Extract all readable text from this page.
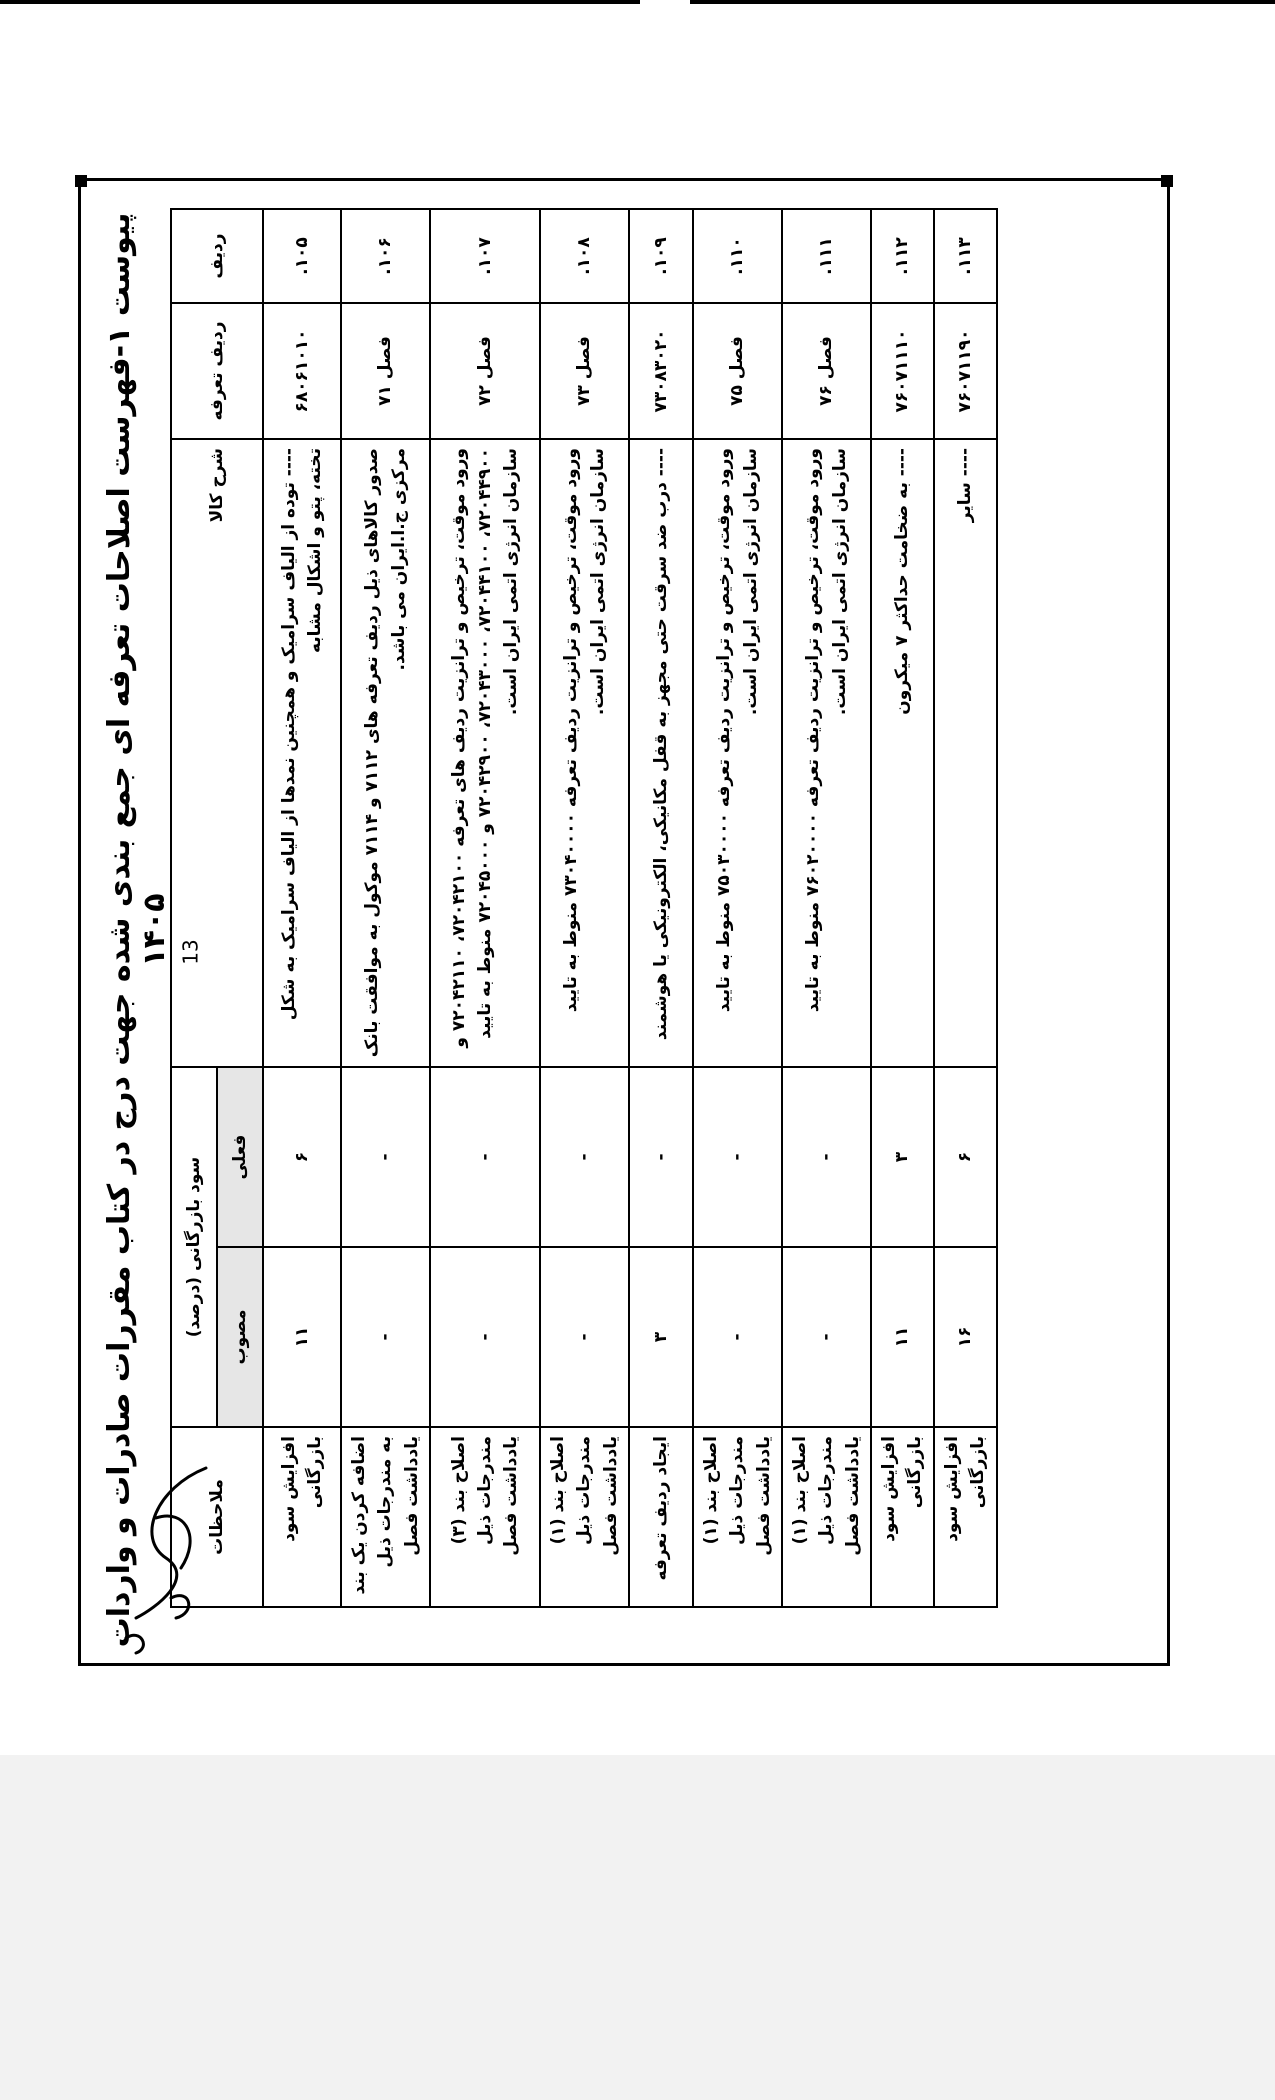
پیوست ۱-فهرست اصلاحات تعرفه ای جمع بندی شده جهت درج در کتاب مقررات صادرات و واردات ۱۴۰۵
ردیف	ردیف تعرفه	شرح کالا	سود بازرگانی (درصد)		ملاحظات
			فعلی	مصوب	
۱۰۵.	۶۸۰۶۱۰۱۰	---- توده از الیاف سرامیک و همچنین نمدها از الیاف سرامیک به شکل تخته، پتو و اشکال مشابه	۶	۱۱	افزایش سود بازرگانی
۱۰۶.	فصل ۷۱	صدور کالاهای ذیل ردیف تعرفه های ۷۱۱۲ و ۷۱۱۴ موکول به موافقت بانک مرکزی ج.ا.ایران می باشد.	-	-	اضافه کردن یک بند به مندرجات ذیل یادداشت فصل
۱۰۷.	فصل ۷۲	ورود موقت، ترخیص و ترانزیت ردیف های تعرفه ۷۲۰۴۲۱۰۰، ۷۲۰۴۲۱۱۰ و ۷۲۰۴۴۹۰۰، ۷۲۰۴۴۱۰۰، ۷۲۰۴۳۰۰۰، ۷۲۰۴۲۹۰۰ و ۷۲۰۴۵۰۰۰ منوط به تایید سازمان انرژی اتمی ایران است.	-	-	اصلاح بند (۳) مندرجات ذیل یادداشت فصل
۱۰۸.	فصل ۷۳	ورود موقت، ترخیص و ترانزیت ردیف تعرفه ۷۳۰۴۰۰۰۰ منوط به تایید سازمان انرژی اتمی ایران است.	-	-	اصلاح بند (۱) مندرجات ذیل یادداشت فصل
۱۰۹.	۷۳۰۸۳۰۲۰	---- درب ضد سرقت حتی مجهز به قفل مکانیکی، الکترونیکی یا هوشمند	-	۳	ایجاد ردیف تعرفه
۱۱۰.	فصل ۷۵	ورود موقت، ترخیص و ترانزیت ردیف تعرفه ۷۵۰۳۰۰۰۰ منوط به تایید سازمان انرژی اتمی ایران است.	-	-	اصلاح بند (۱) مندرجات ذیل یادداشت فصل
۱۱۱.	فصل ۷۶	ورود موقت، ترخیص و ترانزیت ردیف تعرفه ۷۶۰۲۰۰۰۰ منوط به تایید سازمان انرژی اتمی ایران است.	-	-	اصلاح بند (۱) مندرجات ذیل یادداشت فصل
۱۱۲.	۷۶۰۷۱۱۱۰	---- به ضخامت حداکثر ۷ میکرون	۳	۱۱	افزایش سود بازرگانی
۱۱۳.	۷۶۰۷۱۱۹۰	---- سایر	۶	۱۶	افزایش سود بازرگانی
13
